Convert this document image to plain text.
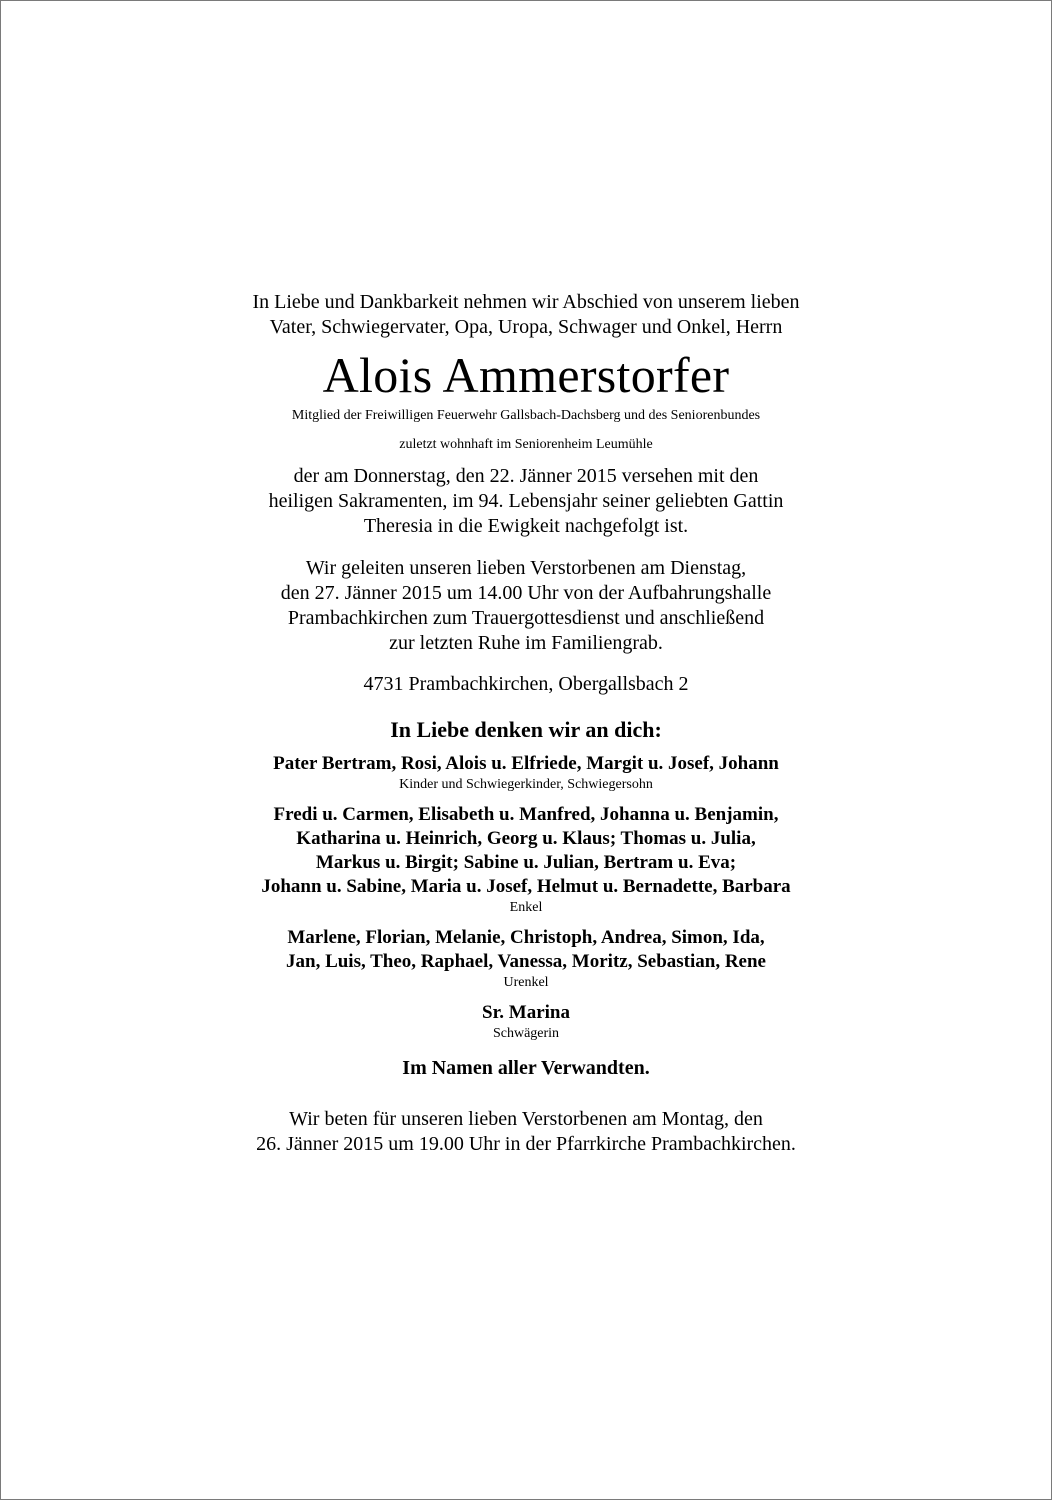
In Liebe und Dankbarkeit nehmen wir Abschied von unserem lieben
Vater, Schwiegervater, Opa, Uropa, Schwager und Onkel, Herrn
Alois Ammerstorfer

Mitglied der Freiwilligen Feuerwehr Gallsbach-Dachsberg und des Seniorenbundes

zuletzt wohnhaft im Seniorenheim Leumühle

der am Donnerstag, den 22. Jänner 2015 versehen mit den
heiligen Sakramenten, im 94. Lebensjahr seiner geliebten Gattin
Theresia in die Ewigkeit nachgefolgt ist.
Wir geleiten unseren lieben Verstorbenen am Dienstag,
den 27. Jänner 2015 um 14.00 Uhr von der Aufbahrungshalle
Prambachkirchen zum Trauergottesdienst und anschließend
zur letzten Ruhe im Familiengrab.
4731 Prambachkirchen, Obergallsbach 2
In Liebe denken wir an dich:
Pater Bertram, Rosi, Alois u. Elfriede, Margit u. Josef, Johann
Kinder und Schwiegerkinder, Schwiegersohn
Fredi u. Carmen, Elisabeth u. Manfred, Johanna u. Benjamin,
Katharina u. Heinrich, Georg u. Klaus; Thomas u. Julia,
Markus u. Birgit; Sabine u. Julian, Bertram u. Eva;
Johann u. Sabine, Maria u. Josef, Helmut u. Bernadette, Barbara
Enkel
Marlene, Florian, Melanie, Christoph, Andrea, Simon, Ida,
Jan, Luis, Theo, Raphael, Vanessa, Moritz, Sebastian, Rene
Urenkel
Sr. Marina
Schwägerin
Im Namen aller Verwandten.
Wir beten für unseren lieben Verstorbenen am Montag, den
26. Jänner 2015 um 19.00 Uhr in der Pfarrkirche Prambachkirchen.
